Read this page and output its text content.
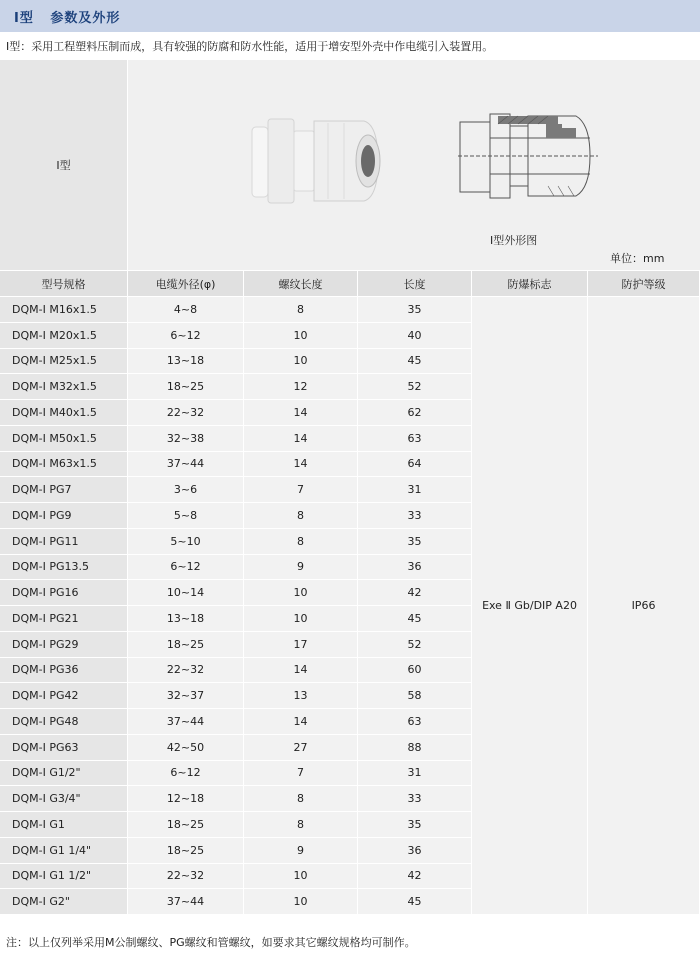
Ⅰ型   参数及外形
Ⅰ型：采用工程塑料压制而成，具有较强的防腐和防水性能，适用于增安型外壳中作电缆引入装置用。
Ⅰ型
Ⅰ型外形图
单位：mm
型号规格	电缆外径(φ)	螺纹长度	长度	防爆标志	防护等级
DQM-Ⅰ M16x1.5	4~8	8	35
DQM-Ⅰ M20x1.5	6~12	10	40
DQM-Ⅰ M25x1.5	13~18	10	45
DQM-Ⅰ M32x1.5	18~25	12	52
DQM-Ⅰ M40x1.5	22~32	14	62
DQM-Ⅰ M50x1.5	32~38	14	63
DQM-Ⅰ M63x1.5	37~44	14	64
DQM-Ⅰ PG7	3~6	7	31
DQM-Ⅰ PG9	5~8	8	33
DQM-Ⅰ PG11	5~10	8	35
DQM-Ⅰ PG13.5	6~12	9	36
DQM-Ⅰ PG16	10~14	10	42
DQM-Ⅰ PG21	13~18	10	45
DQM-Ⅰ PG29	18~25	17	52
DQM-Ⅰ PG36	22~32	14	60
DQM-Ⅰ PG42	32~37	13	58
DQM-Ⅰ PG48	37~44	14	63
DQM-Ⅰ PG63	42~50	27	88
DQM-Ⅰ G1/2"	6~12	7	31
DQM-Ⅰ G3/4"	12~18	8	33
DQM-Ⅰ G1	18~25	8	35
DQM-Ⅰ G1 1/4"	18~25	9	36
DQM-Ⅰ G1 1/2"	22~32	10	42
DQM-Ⅰ G2"	37~44	10	45
Exe Ⅱ Gb/DIP A20	IP66
注：以上仅列举采用M公制螺纹、PG螺纹和管螺纹，如要求其它螺纹规格均可制作。
